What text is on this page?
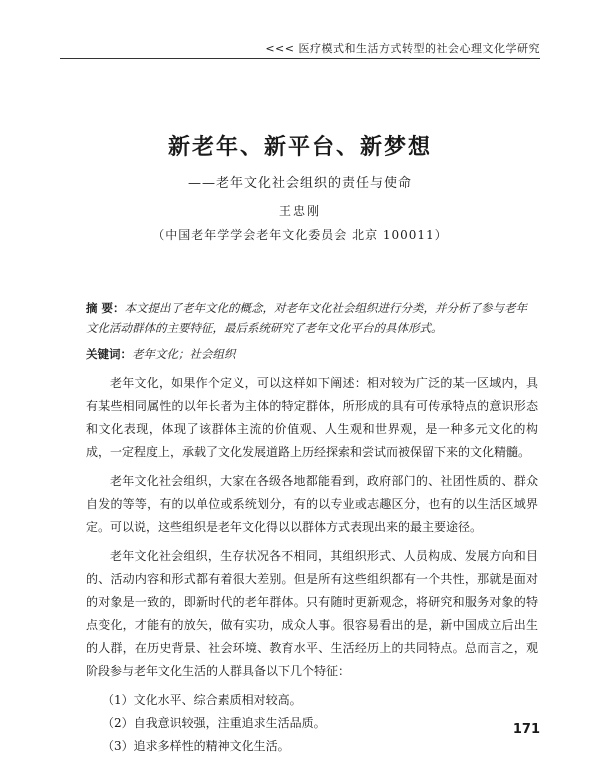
<<< 医疗模式和生活方式转型的社会心理文化学研究
新老年、新平台、新梦想
——老年文化社会组织的责任与使命
王忠刚
（中国老年学学会老年文化委员会 北京 100011）
摘 要：本文提出了老年文化的概念，对老年文化社会组织进行分类，并分析了参与老年文化活动群体的主要特征，最后系统研究了老年文化平台的具体形式。
关键词：老年文化；社会组织

老年文化，如果作个定义，可以这样如下阐述：相对较为广泛的某一区域内，具有某些相同属性的以年长者为主体的特定群体，所形成的具有可传承特点的意识形态和文化表现，体现了该群体主流的价值观、人生观和世界观，是一种多元文化的构成，一定程度上，承载了文化发展道路上历经探索和尝试而被保留下来的文化精髓。

老年文化社会组织，大家在各级各地都能看到，政府部门的、社团性质的、群众自发的等等，有的以单位或系统划分，有的以专业或志趣区分，也有的以生活区域界定。可以说，这些组织是老年文化得以以群体方式表现出来的最主要途径。

老年文化社会组织，生存状况各不相同，其组织形式、人员构成、发展方向和目的、活动内容和形式都有着很大差别。但是所有这些组织都有一个共性，那就是面对的对象是一致的，即新时代的老年群体。只有随时更新观念，将研究和服务对象的特点变化，才能有的放矢，做有实功，成众人事。很容易看出的是，新中国成立后出生的人群，在历史背景、社会环境、教育水平、生活经历上的共同特点。总而言之，观阶段参与老年文化生活的人群具备以下几个特征：

（1）文化水平、综合素质相对较高。
（2）自我意识较强，注重追求生活品质。
（3）追求多样性的精神文化生活。
171
